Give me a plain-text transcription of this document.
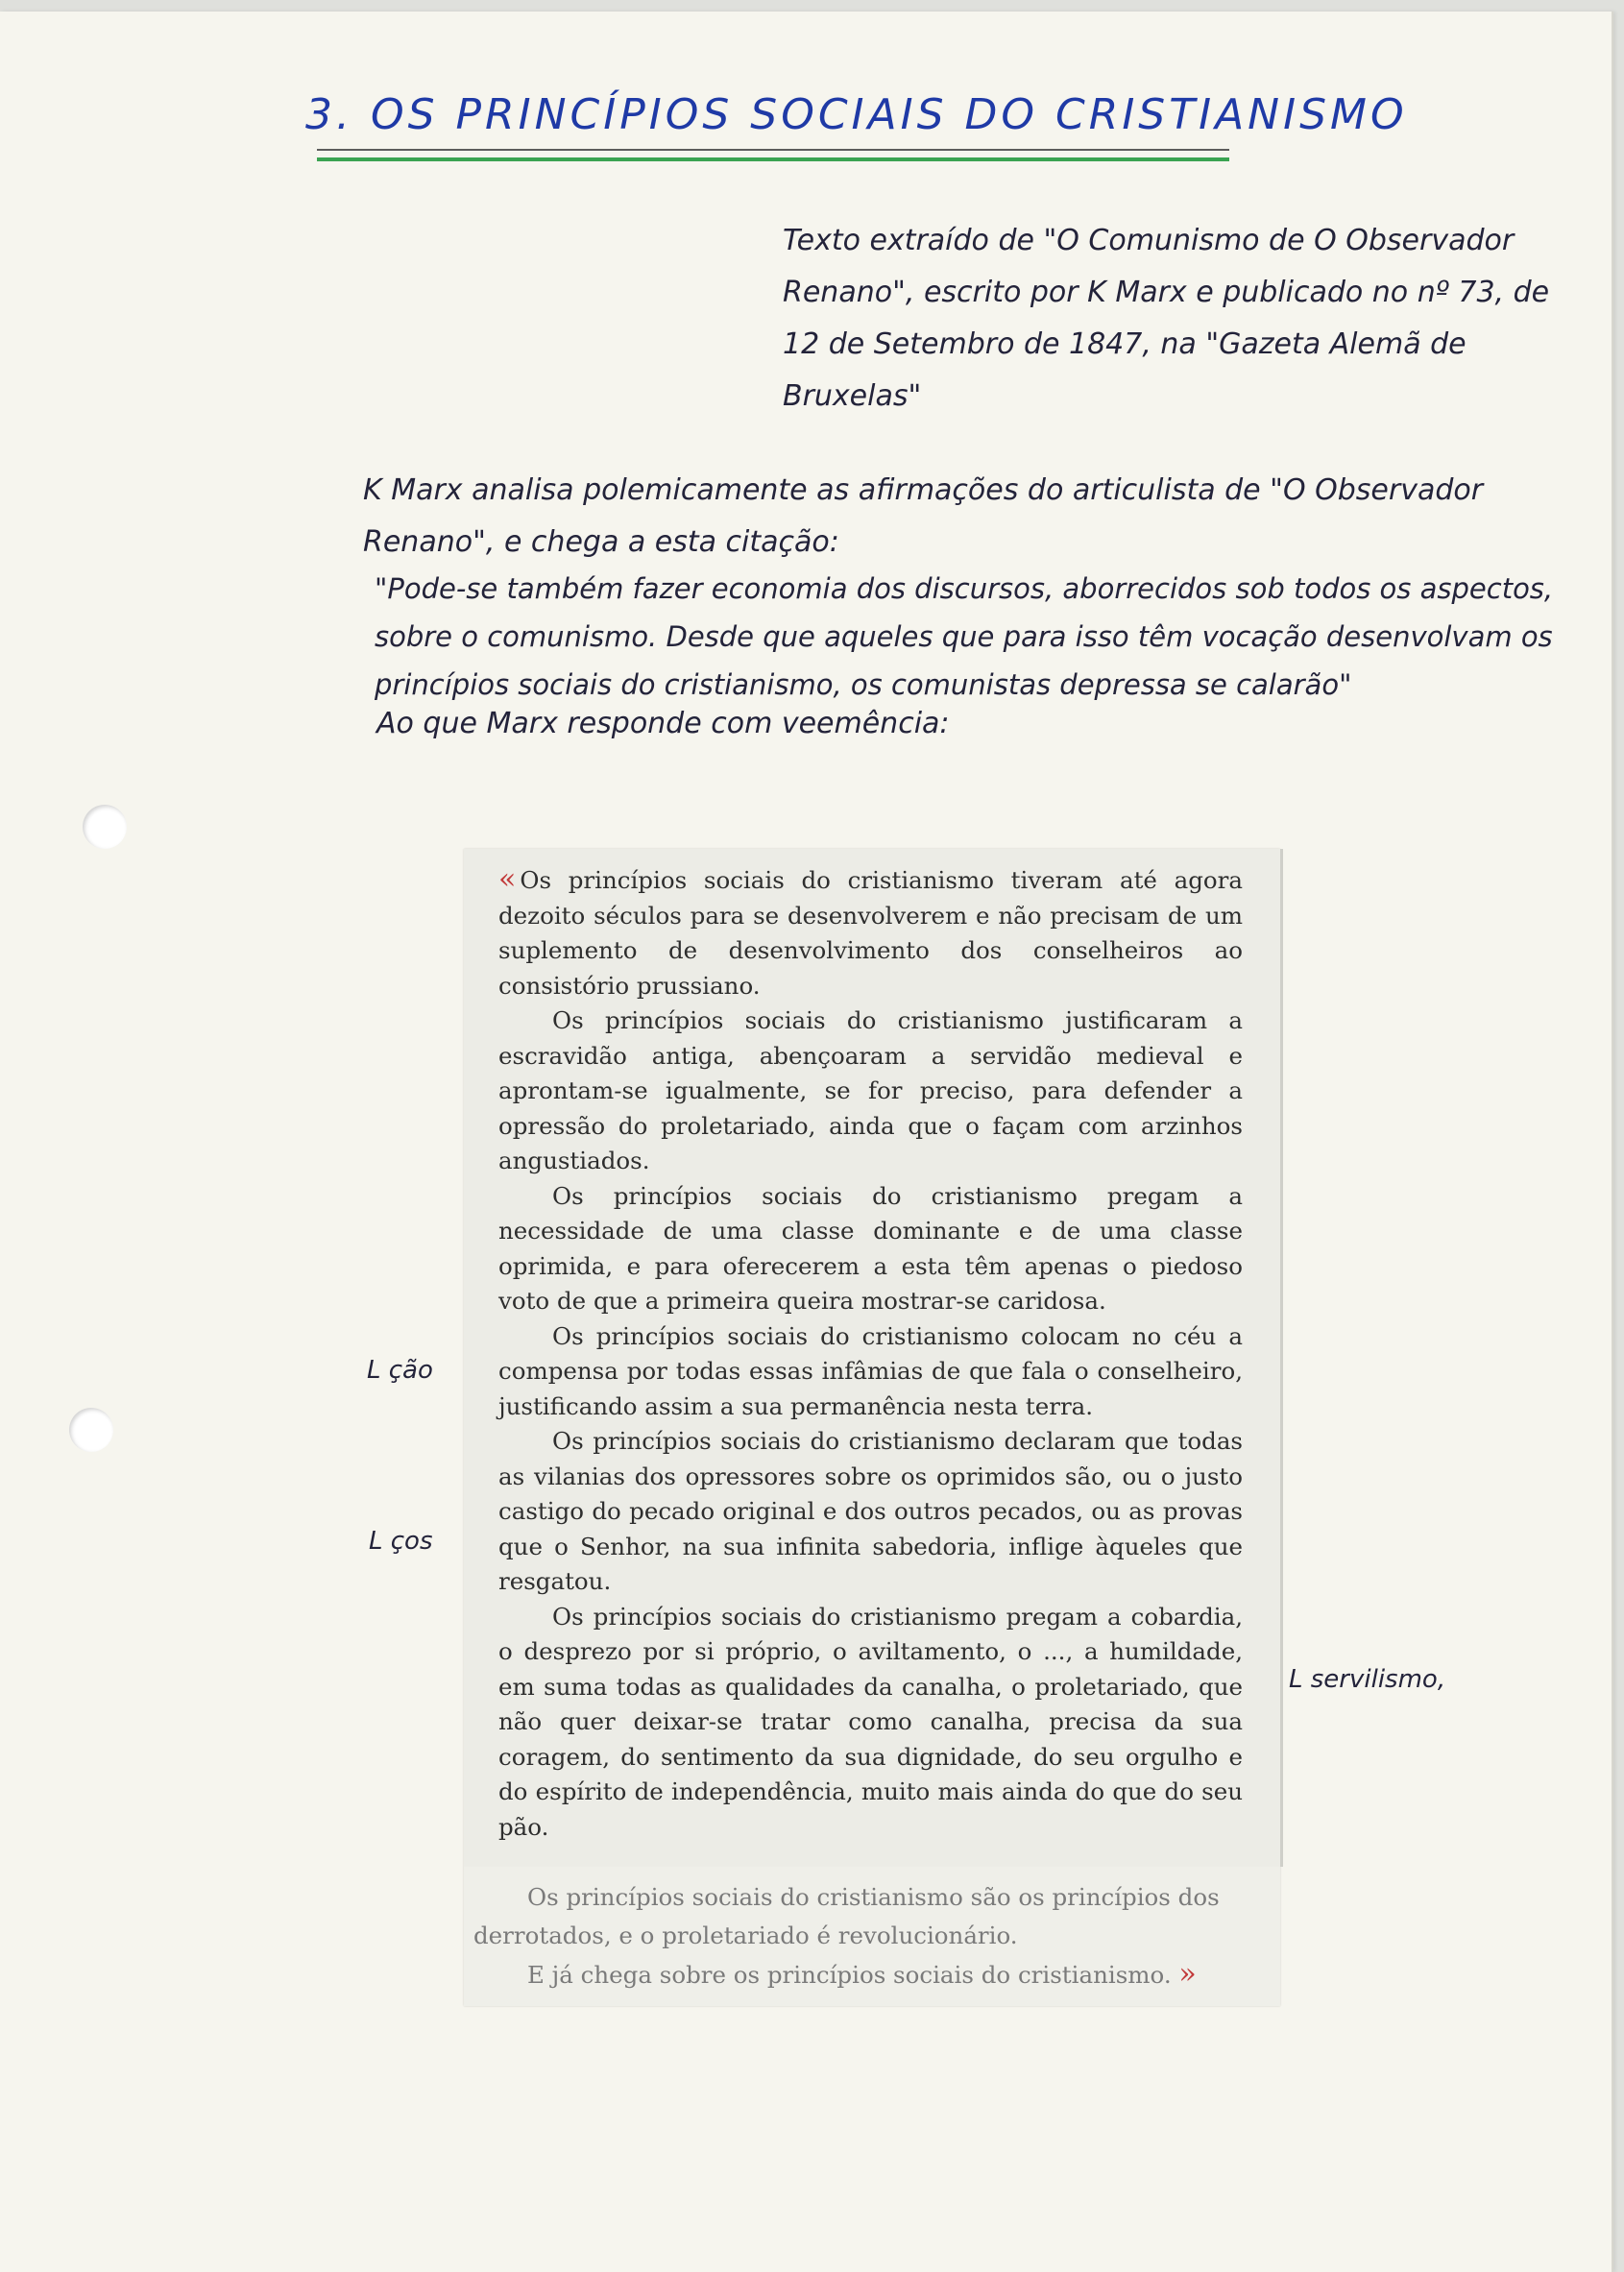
3. OS PRINCÍPIOS SOCIAIS DO CRISTIANISMO
Texto extraído de "O Comunismo de O Observador Renano", escrito por K Marx e publicado no nº 73, de 12 de Setembro de 1847, na "Gazeta Alemã de Bruxelas"
K Marx analisa polemicamente as afirmações do articulista de "O Observador Renano", e chega a esta citação:
"Pode-se também fazer economia dos discursos, aborrecidos sob todos os aspectos, sobre o comunismo. Desde que aqueles que para isso têm vocação desenvolvam os princípios sociais do cristianismo, os comunistas depressa se calarão"
Ao que Marx responde com veemência:

« Os princípios sociais do cristianismo tiveram até agora dezoito séculos para se desenvolverem e não precisam de um suplemento de desenvolvimento dos conselheiros ao consistório prussiano.

Os princípios sociais do cristianismo justificaram a escravidão antiga, abençoaram a servidão medieval e aprontam-se igualmente, se for preciso, para defender a opressão do proletariado, ainda que o façam com arzinhos angustiados.

Os princípios sociais do cristianismo pregam a necessidade de uma classe dominante e de uma classe oprimida, e para oferecerem a esta têm apenas o piedoso voto de que a primeira queira mostrar-se caridosa.

Os princípios sociais do cristianismo colocam no céu a compensa por todas essas infâmias de que fala o conselheiro, justificando assim a sua permanência nesta terra.

Os princípios sociais do cristianismo declaram que todas as vilanias dos opressores sobre os oprimidos são, ou o justo castigo do pecado original e dos outros pecados, ou as provas que o Senhor, na sua infinita sabedoria, inflige àqueles que resgatou.

Os princípios sociais do cristianismo pregam a cobardia, o desprezo por si próprio, o aviltamento, o ..., a humildade, em suma todas as qualidades da canalha, o proletariado, que não quer deixar-se tratar como canalha, precisa da sua coragem, do sentimento da sua dignidade, do seu orgulho e do espírito de independência, muito mais ainda do que do seu pão.

Os princípios sociais do cristianismo são os princípios dos derrotados, e o proletariado é revolucionário.

E já chega sobre os princípios sociais do cristianismo. »

L ção
L ços
L servilismo,
